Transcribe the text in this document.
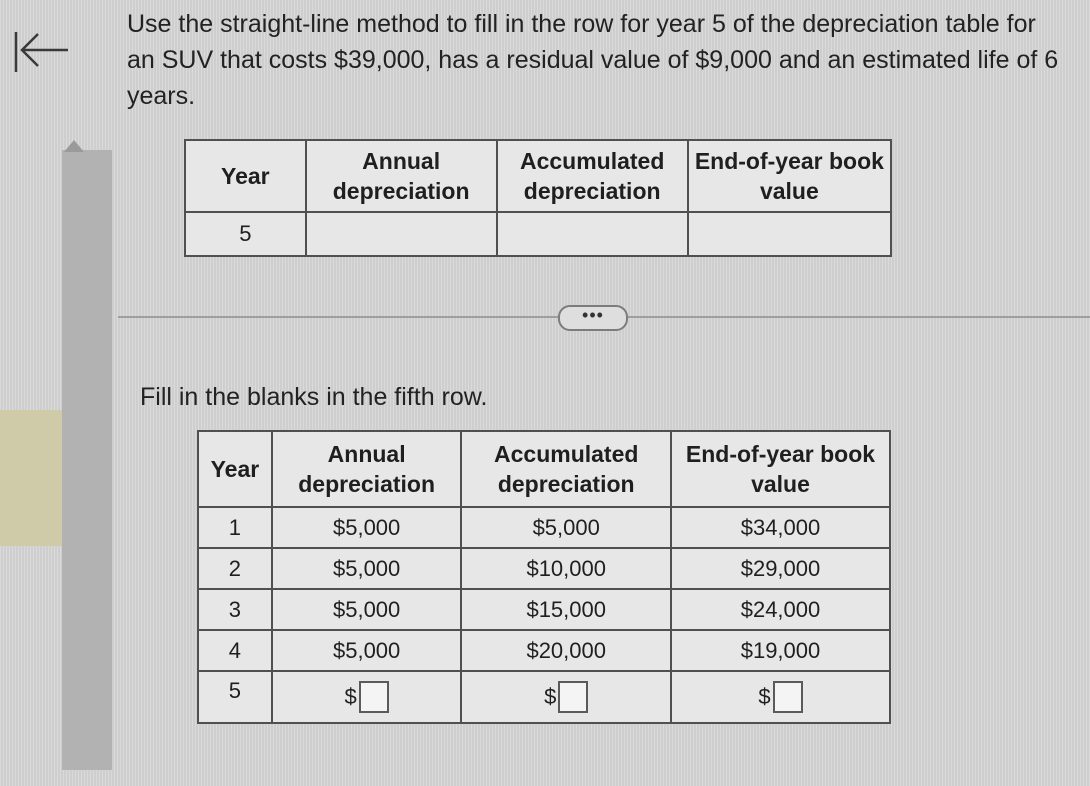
Use the straight-line method to fill in the row for year 5 of the depreciation table for an SUV that costs $39,000, has a residual value of $9,000 and an estimated life of 6 years.
Year	Annual depreciation	Accumulated depreciation	End-of-year book value
5			
•••
Fill in the blanks in the fifth row.
Year	Annual depreciation	Accumulated depreciation	End-of-year book value
1	$5,000	$5,000	$34,000
2	$5,000	$10,000	$29,000
3	$5,000	$15,000	$24,000
4	$5,000	$20,000	$19,000
5	$	$	$
